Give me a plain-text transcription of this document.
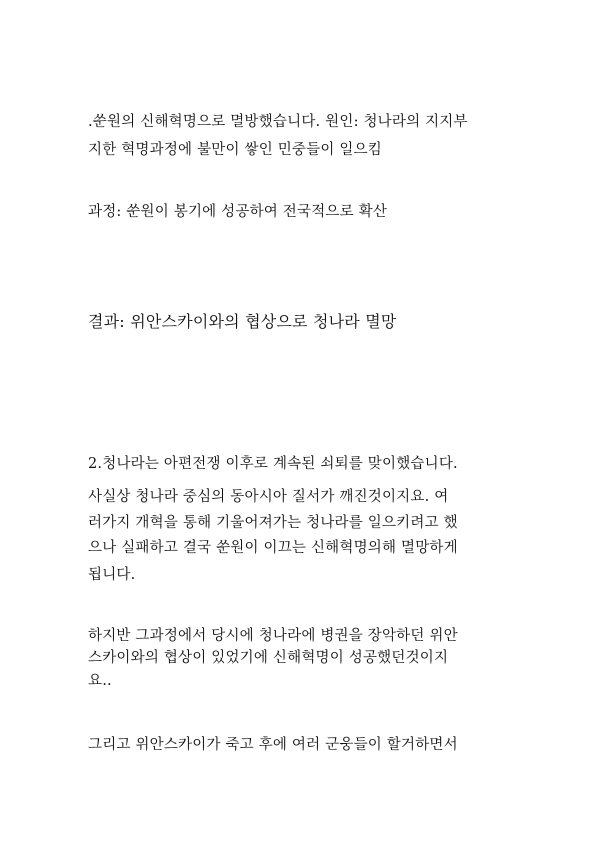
.쑨원의 신해혁명으로 멸방했습니다. 원인: 청나라의 지지부
지한 혁명과정에 불만이 쌓인 민중들이 일으킴
과정: 쑨원이 봉기에 성공하여 전국적으로 확산
결과: 위안스카이와의 협상으로 청나라 멸망
2.청나라는 아편전쟁 이후로 계속된 쇠퇴를 맞이했습니다.
사실상 청나라 중심의 동아시아 질서가 깨진것이지요. 여
러가지 개혁을 통해 기울어져가는 청나라를 일으키려고 했
으나 실패하고 결국 쑨원이 이끄는 신해혁명의해 멸망하게
됩니다.
하지반 그과정에서 당시에 청나라에 병권을 장악하던 위안
스카이와의 협상이 있었기에 신해혁명이 성공했던것이지
요..
그리고 위안스카이가 죽고 후에 여러 군웅들이 할거하면서
